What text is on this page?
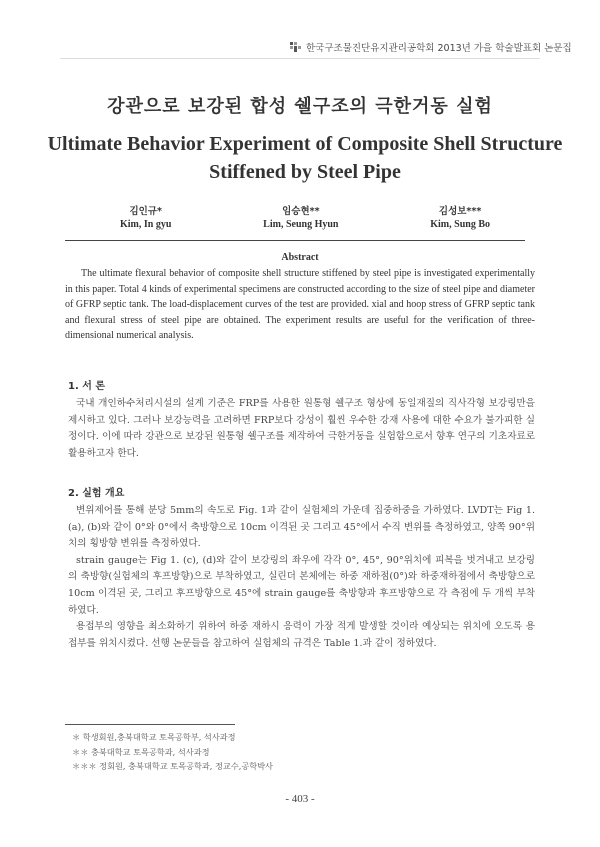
한국구조물진단유지관리공학회 2013년 가을 학술발표회 논문집
강관으로 보강된 합성 쉘구조의 극한거동 실험
Ultimate Behavior Experiment of Composite Shell Structure Stiffened by Steel Pipe
김인규*
Kim, In gyu
임승현**
Lim, Seung Hyun
김성보***
Kim, Sung Bo
Abstract

The ultimate flexural behavior of composite shell structure stiffened by steel pipe is investigated experimentally in this paper. Total 4 kinds of experimental specimens are constructed according to the size of steel pipe and diameter of GFRP septic tank. The load-displacement curves of the test are provided. xial and hoop stress of GFRP septic tank and flexural stress of steel pipe are obtained. The experiment results are useful for the verification of three-dimensional numerical analysis.

1. 서 론

국내 개인하수처리시설의 설계 기준은 FRP를 사용한 원통형 쉘구조 형상에 동일재질의 직사각형 보강링만을 제시하고 있다. 그러나 보강능력을 고려하면 FRP보다 강성이 훨씬 우수한 강재 사용에 대한 수요가 불가피한 실정이다. 이에 따라 강관으로 보강된 원통형 쉘구조를 제작하여 극한거동을 실험함으로서 향후 연구의 기초자료로 활용하고자 한다.

2. 실험 개요

변위제어를 통해 분당 5mm의 속도로 Fig. 1과 같이 실험체의 가운데 집중하중을 가하였다. LVDT는 Fig 1.(a), (b)와 같이 0°와 0°에서 축방향으로 10cm 이격된 곳 그리고 45°에서 수직 변위를 측정하였고, 양쪽 90°위치의 횡방향 변위를 측정하였다.

strain gauge는 Fig 1. (c), (d)와 같이 보강링의 좌우에 각각 0°, 45°, 90°위치에 피복을 벗겨내고 보강링의 축방향(실험체의 후프방향)으로 부착하였고, 실린더 본체에는 하중 재하점(0°)와 하중재하점에서 축방향으로 10cm 이격된 곳, 그리고 후프방향으로 45°에 strain gauge를 축방향과 후프방향으로 각 측점에 두 개씩 부착하였다.

용접부의 영향을 최소화하기 위하여 하중 재하시 응력이 가장 적게 발생할 것이라 예상되는 위치에 오도록 용접부를 위치시켰다. 선행 논문들을 참고하여 실험체의 규격은 Table 1.과 같이 정하였다.

＊ 학생회원,충북대학교 토목공학부, 석사과정
＊＊ 충북대학교 토목공학과, 석사과정
＊＊＊ 정회원, 충북대학교 토목공학과, 정교수,공학박사
- 403 -
